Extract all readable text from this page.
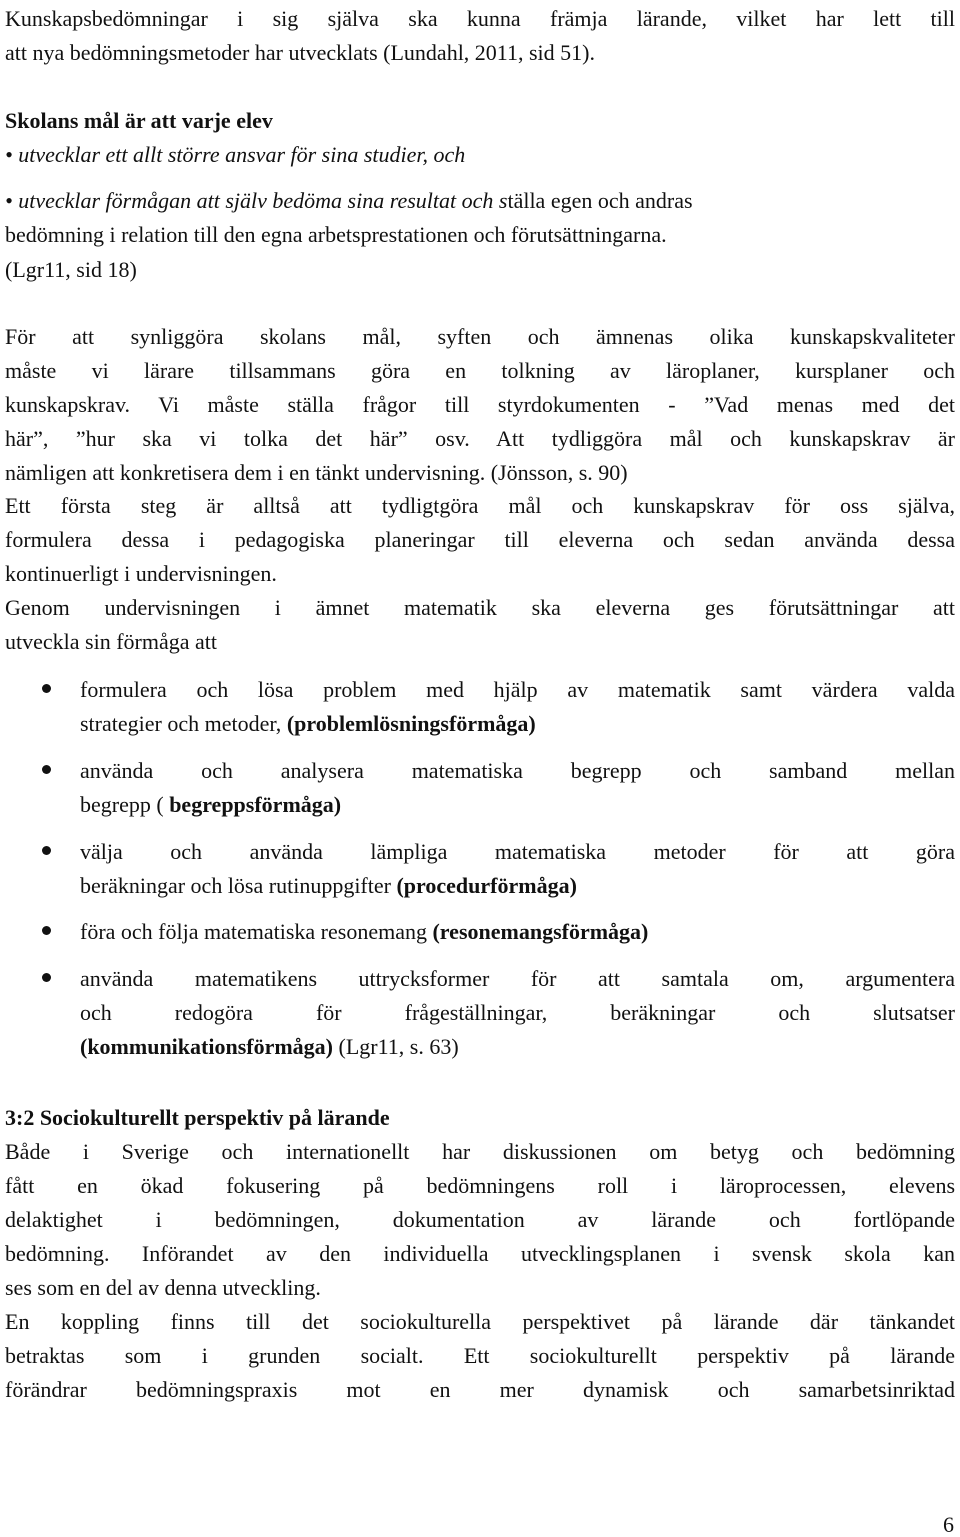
Kunskapsbedömningar i sig själva ska kunna främja lärande, vilket har lett till
att nya bedömningsmetoder har utvecklats (Lundahl, 2011, sid 51).
Skolans mål är att varje elev
• utvecklar ett allt större ansvar för sina studier, och
• utvecklar förmågan att själv bedöma sina resultat och ställa egen och andras
bedömning i relation till den egna arbetsprestationen och förutsättningarna.
(Lgr11, sid 18)
För att synliggöra skolans mål, syften och ämnenas olika kunskapskvaliteter
måste vi lärare tillsammans göra en tolkning av läroplaner, kursplaner och
kunskapskrav. Vi måste ställa frågor till styrdokumenten - ”Vad menas med det
här”, ”hur ska vi tolka det här” osv. Att tydliggöra mål och kunskapskrav är
nämligen att konkretisera dem i en tänkt undervisning. (Jönsson, s. 90)
Ett första steg är alltså att tydligtgöra mål och kunskapskrav för oss själva,
formulera dessa i pedagogiska planeringar till eleverna och sedan använda dessa
kontinuerligt i undervisningen.
Genom undervisningen i ämnet matematik ska eleverna ges förutsättningar att
utveckla sin förmåga att
formulera och lösa problem med hjälp av matematik samt värdera valda
strategier och metoder, (problemlösningsförmåga)
använda och analysera matematiska begrepp och samband mellan
begrepp ( begreppsförmåga)
välja och använda lämpliga matematiska metoder för att göra
beräkningar och lösa rutinuppgifter (procedurförmåga)
föra och följa matematiska resonemang (resonemangsförmåga)
använda matematikens uttrycksformer för att samtala om, argumentera
och redogöra för frågeställningar, beräkningar och slutsatser
(kommunikationsförmåga) (Lgr11, s. 63)
3:2 Sociokulturellt perspektiv på lärande
Både i Sverige och internationellt har diskussionen om betyg och bedömning
fått en ökad fokusering på bedömningens roll i läroprocessen, elevens
delaktighet i bedömningen, dokumentation av lärande och fortlöpande
bedömning. Införandet av den individuella utvecklingsplanen i svensk skola kan
ses som en del av denna utveckling.
En koppling finns till det sociokulturella perspektivet på lärande där tänkandet
betraktas som i grunden socialt. Ett sociokulturellt perspektiv på lärande
förändrar bedömningspraxis mot en mer dynamisk och samarbetsinriktad
6
